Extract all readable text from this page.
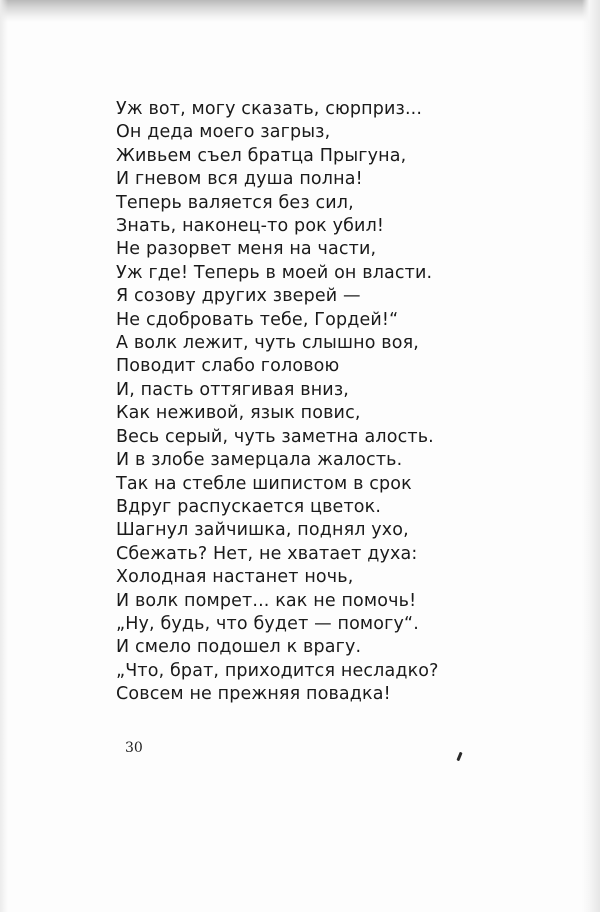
Уж вот, могу сказать, сюрприз...
Он деда моего загрыз,
Живьем съел братца Прыгуна,
И гневом вся душа полна!
Теперь валяется без сил,
Знать, наконец-то рок убил!
Не разорвет меня на части,
Уж где! Теперь в моей он власти.
Я созову других зверей —
Не сдобровать тебе, Гордей!“
А волк лежит, чуть слышно воя,
Поводит слабо головою
И, пасть оттягивая вниз,
Как неживой, язык повис,
Весь серый, чуть заметна алость.
И в злобе замерцала жалость.
Так на стебле шипистом в срок
Вдруг распускается цветок.
Шагнул зайчишка, поднял ухо,
Сбежать? Нет, не хватает духа:
Холодная настанет ночь,
И волк помрет... как не помочь!
„Ну, будь, что будет — помогу“.
И смело подошел к врагу.
„Что, брат, приходится несладко?
Совсем не прежняя повадка!
30
